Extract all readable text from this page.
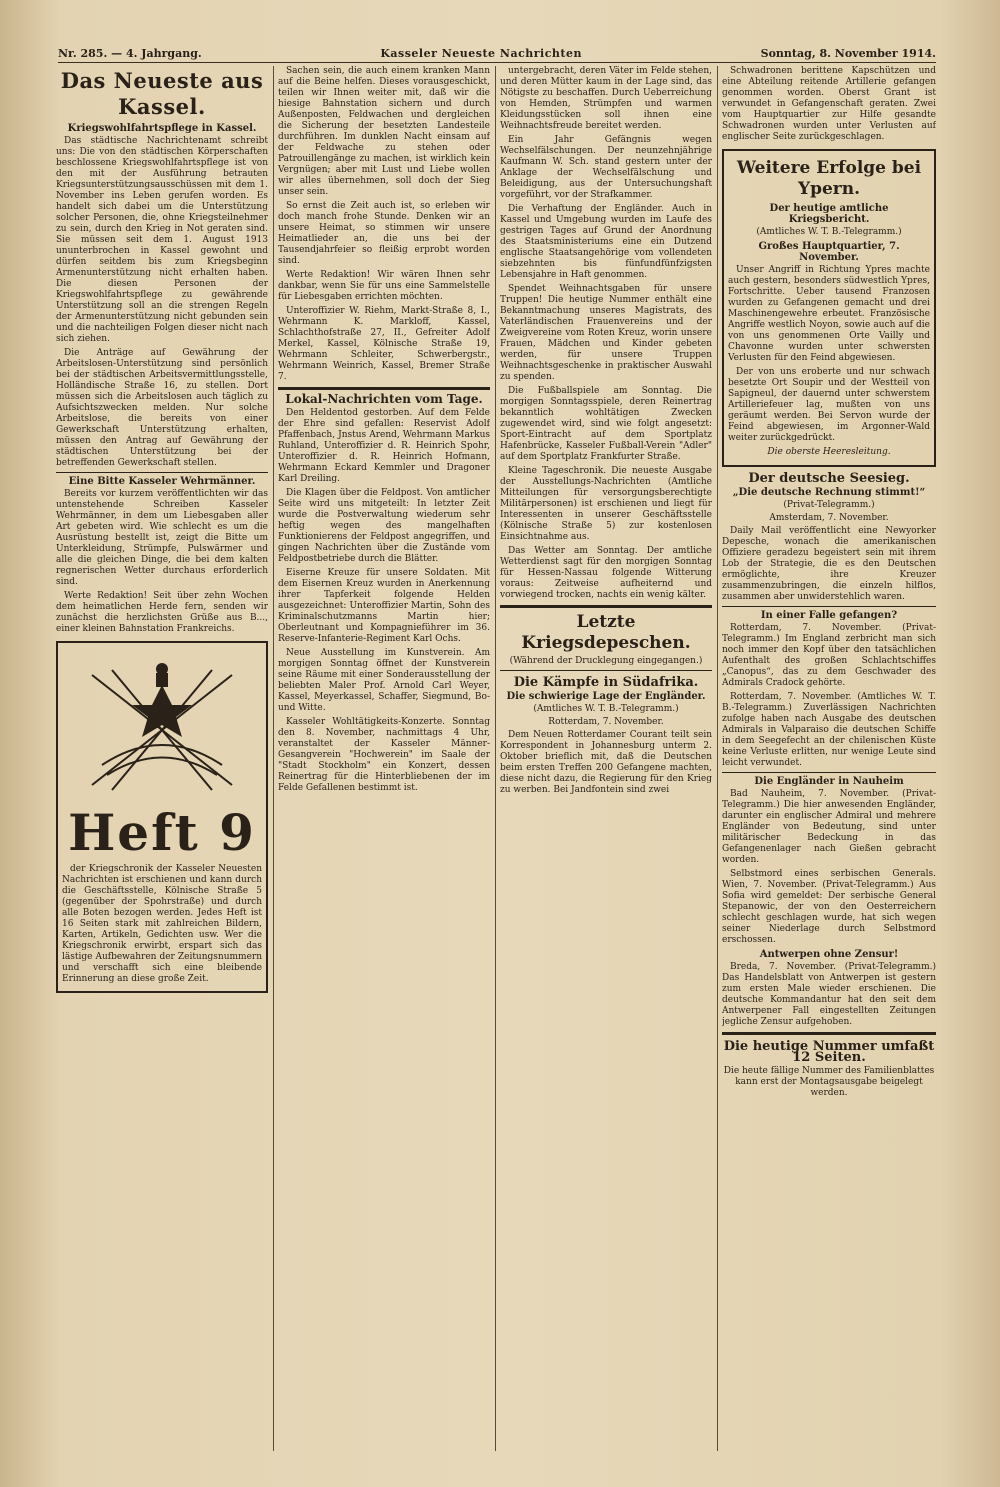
Nr. 285. — 4. Jahrgang.	Kasseler Neueste Nachrichten	Sonntag, 8. November 1914.
Das Neueste aus Kassel.
Kriegswohlfahrtspflege in Kassel.

Das städtische Nachrichtenamt schreibt uns: Die von den städtischen Körperschaften beschlossene Kriegswohlfahrtspflege ist von den mit der Ausführung betrauten Kriegsunterstützungsausschüssen mit dem 1. November ins Leben gerufen worden. Es handelt sich dabei um die Unterstützung solcher Personen, die, ohne Kriegsteilnehmer zu sein, durch den Krieg in Not geraten sind. Sie müssen seit dem 1. August 1913 ununterbrochen in Kassel gewohnt und dürfen seitdem bis zum Kriegsbeginn Armenunterstützung nicht erhalten haben. Die diesen Personen der Kriegswohlfahrtspflege zu gewährende Unterstützung soll an die strengen Regeln der Armenunterstützung nicht gebunden sein und die nachteiligen Folgen dieser nicht nach sich ziehen.

Die Anträge auf Gewährung der Arbeitslosen-Unterstützung sind persönlich bei der städtischen Arbeitsvermittlungsstelle, Holländische Straße 16, zu stellen. Dort müssen sich die Arbeitslosen auch täglich zu Aufsichtszwecken melden. Nur solche Arbeitslose, die bereits von einer Gewerkschaft Unterstützung erhalten, müssen den Antrag auf Gewährung der städtischen Unterstützung bei der betreffenden Gewerkschaft stellen.

Eine Bitte Kasseler Wehrmänner.

Bereits vor kurzem veröffentlichten wir das untenstehende Schreiben Kasseler Wehrmänner, in dem um Liebesgaben aller Art gebeten wird. Wie schlecht es um die Ausrüstung bestellt ist, zeigt die Bitte um Unterkleidung, Strümpfe, Pulswärmer und alle die gleichen Dinge, die bei dem kalten regnerischen Wetter durchaus erforderlich sind.

Werte Redaktion! Seit über zehn Wochen dem heimatlichen Herde fern, senden wir zunächst die herzlichsten Grüße aus B..., einer kleinen Bahnstation Frankreichs.

Heft 9

der Kriegschronik der Kasseler Neuesten Nachrichten ist erschienen und kann durch die Geschäftsstelle, Kölnische Straße 5 (gegenüber der Spohrstraße) und durch alle Boten bezogen werden. Jedes Heft ist 16 Seiten stark mit zahlreichen Bildern, Karten, Artikeln, Gedichten usw. Wer die Kriegschronik erwirbt, erspart sich das lästige Aufbewahren der Zeitungsnummern und verschafft sich eine bleibende Erinnerung an diese große Zeit.

Sachen sein, die auch einem kranken Mann auf die Beine helfen. Dieses vorausgeschickt, teilen wir Ihnen weiter mit, daß wir die hiesige Bahnstation sichern und durch Außenposten, Feldwachen und dergleichen die Sicherung der besetzten Landesteile durchführen. Im dunklen Nacht einsam auf der Feldwache zu stehen oder Patrouillengänge zu machen, ist wirklich kein Vergnügen; aber mit Lust und Liebe wollen wir alles übernehmen, soll doch der Sieg unser sein.

So ernst die Zeit auch ist, so erleben wir doch manch frohe Stunde. Denken wir an unsere Heimat, so stimmen wir unsere Heimatlieder an, die uns bei der Tausendjahrfeier so fleißig erprobt worden sind.

Werte Redaktion! Wir wären Ihnen sehr dankbar, wenn Sie für uns eine Sammelstelle für Liebesgaben errichten möchten.

Unteroffizier W. Riehm, Markt-Straße 8, I., Wehrmann K. Markloff, Kassel, Schlachthofstraße 27, II., Gefreiter Adolf Merkel, Kassel, Kölnische Straße 19, Wehrmann Schleiter, Schwerbergstr., Wehrmann Weinrich, Kassel, Bremer Straße 7.

Lokal-Nachrichten vom Tage.

Den Heldentod gestorben. Auf dem Felde der Ehre sind gefallen: Reservist Adolf Pfaffenbach, Jnstus Arend, Wehrmann Markus Ruhland, Unteroffizier d. R. Heinrich Spohr, Unteroffizier d. R. Heinrich Hofmann, Wehrmann Eckard Kemmler und Dragoner Karl Dreiling.

Die Klagen über die Feldpost. Von amtlicher Seite wird uns mitgeteilt: In letzter Zeit wurde die Postverwaltung wiederum sehr heftig wegen des mangelhaften Funktionierens der Feldpost angegriffen, und gingen Nachrichten über die Zustände vom Feldpostbetriebe durch die Blätter.

Eiserne Kreuze für unsere Soldaten. Mit dem Eisernen Kreuz wurden in Anerkennung ihrer Tapferkeit folgende Helden ausgezeichnet: Unteroffizier Martin, Sohn des Kriminalschutzmanns Martin hier; Oberleutnant und Kompagnieführer im 36. Reserve-Infanterie-Regiment Karl Ochs.

Neue Ausstellung im Kunstverein. Am morgigen Sonntag öffnet der Kunstverein seine Räume mit einer Sonderausstellung der beliebten Maler Prof. Arnold Carl Weyer, Kassel, Meyerkassel, Schaffer, Siegmund, Bo- und Witte.

Kasseler Wohltätigkeits-Konzerte. Sonntag den 8. November, nachmittags 4 Uhr, veranstaltet der Kasseler Männer-Gesangverein "Hochwerein" im Saale der "Stadt Stockholm" ein Konzert, dessen Reinertrag für die Hinterbliebenen der im Felde Gefallenen bestimmt ist.

untergebracht, deren Väter im Felde stehen, und deren Mütter kaum in der Lage sind, das Nötigste zu beschaffen. Durch Ueberreichung von Hemden, Strümpfen und warmen Kleidungsstücken soll ihnen eine Weihnachtsfreude bereitet werden.

Ein Jahr Gefängnis wegen Wechselfälschungen. Der neunzehnjährige Kaufmann W. Sch. stand gestern unter der Anklage der Wechselfälschung und Beleidigung, aus der Untersuchungshaft vorgeführt, vor der Strafkammer.

Die Verhaftung der Engländer. Auch in Kassel und Umgebung wurden im Laufe des gestrigen Tages auf Grund der Anordnung des Staatsministeriums eine ein Dutzend englische Staatsangehörige vom vollendeten siebzehnten bis fünfundfünfzigsten Lebensjahre in Haft genommen.

Spendet Weihnachtsgaben für unsere Truppen! Die heutige Nummer enthält eine Bekanntmachung unseres Magistrats, des Vaterländischen Frauenvereins und der Zweigvereine vom Roten Kreuz, worin unsere Frauen, Mädchen und Kinder gebeten werden, für unsere Truppen Weihnachtsgeschenke in praktischer Auswahl zu spenden.

Die Fußballspiele am Sonntag. Die morgigen Sonntagsspiele, deren Reinertrag bekanntlich wohltätigen Zwecken zugewendet wird, sind wie folgt angesetzt: Sport-Eintracht auf dem Sportplatz Hafenbrücke, Kasseler Fußball-Verein "Adler" auf dem Sportplatz Frankfurter Straße.

Kleine Tageschronik. Die neueste Ausgabe der Ausstellungs-Nachrichten (Amtliche Mitteilungen für versorgungsberechtigte Militärpersonen) ist erschienen und liegt für Interessenten in unserer Geschäftsstelle (Kölnische Straße 5) zur kostenlosen Einsichtnahme aus.

Das Wetter am Sonntag. Der amtliche Wetterdienst sagt für den morgigen Sonntag für Hessen-Nassau folgende Witterung voraus: Zeitweise aufheiternd und vorwiegend trocken, nachts ein wenig kälter.

Letzte Kriegsdepeschen.
(Während der Drucklegung eingegangen.)
Die Kämpfe in Südafrika.
Die schwierige Lage der Engländer.
(Amtliches W. T. B.-Telegramm.)
Rotterdam, 7. November.

Dem Neuen Rotterdamer Courant teilt sein Korrespondent in Johannesburg unterm 2. Oktober brieflich mit, daß die Deutschen beim ersten Treffen 200 Gefangene machten, diese nicht dazu, die Regierung für den Krieg zu werben. Bei Jandfontein sind zwei

Schwadronen berittene Kapschützen und eine Abteilung reitende Artillerie gefangen genommen worden. Oberst Grant ist verwundet in Gefangenschaft geraten. Zwei vom Hauptquartier zur Hilfe gesandte Schwadronen wurden unter Verlusten auf englischer Seite zurückgeschlagen.

Weitere Erfolge bei Ypern.
Der heutige amtliche Kriegsbericht.
(Amtliches W. T. B.-Telegramm.)
Großes Hauptquartier, 7. November.

Unser Angriff in Richtung Ypres machte auch gestern, besonders südwestlich Ypres, Fortschritte. Ueber tausend Franzosen wurden zu Gefangenen gemacht und drei Maschinengewehre erbeutet. Französische Angriffe westlich Noyon, sowie auch auf die von uns genommenen Orte Vailly und Chavonne wurden unter schwersten Verlusten für den Feind abgewiesen.

Der von uns eroberte und nur schwach besetzte Ort Soupir und der Westteil von Sapigneul, der dauernd unter schwerstem Artilleriefeuer lag, mußten von uns geräumt werden. Bei Servon wurde der Feind abgewiesen, im Argonner-Wald weiter zurückgedrückt.

Die oberste Heeresleitung.
Der deutsche Seesieg.
„Die deutsche Rechnung stimmt!“
(Privat-Telegramm.)
Amsterdam, 7. November.

Daily Mail veröffentlicht eine Newyorker Depesche, wonach die amerikanischen Offiziere geradezu begeistert sein mit ihrem Lob der Strategie, die es den Deutschen ermöglichte, ihre Kreuzer zusammenzubringen, die einzeln hilflos, zusammen aber unwiderstehlich waren.

In einer Falle gefangen?

Rotterdam, 7. November. (Privat-Telegramm.) Im England zerbricht man sich noch immer den Kopf über den tatsächlichen Aufenthalt des großen Schlachtschiffes „Canopus“, das zu dem Geschwader des Admirals Cradock gehörte.

Rotterdam, 7. November. (Amtliches W. T. B.-Telegramm.) Zuverlässigen Nachrichten zufolge haben nach Ausgabe des deutschen Admirals in Valparaiso die deutschen Schiffe in dem Seegefecht an der chilenischen Küste keine Verluste erlitten, nur wenige Leute sind leicht verwundet.

Die Engländer in Nauheim

Bad Nauheim, 7. November. (Privat-Telegramm.) Die hier anwesenden Engländer, darunter ein englischer Admiral und mehrere Engländer von Bedeutung, sind unter militärischer Bedeckung in das Gefangenenlager nach Gießen gebracht worden.

Selbstmord eines serbischen Generals. Wien, 7. November. (Privat-Telegramm.) Aus Sofia wird gemeldet: Der serbische General Stepanowic, der von den Oesterreichern schlecht geschlagen wurde, hat sich wegen seiner Niederlage durch Selbstmord erschossen.

Antwerpen ohne Zensur!

Breda, 7. November. (Privat-Telegramm.) Das Handelsblatt von Antwerpen ist gestern zum ersten Male wieder erschienen. Die deutsche Kommandantur hat den seit dem Antwerpener Fall eingestellten Zeitungen jegliche Zensur aufgehoben.

Die heutige Nummer umfaßt 12 Seiten.

Die heute fällige Nummer des Familienblattes kann erst der Montagsausgabe beigelegt werden.
